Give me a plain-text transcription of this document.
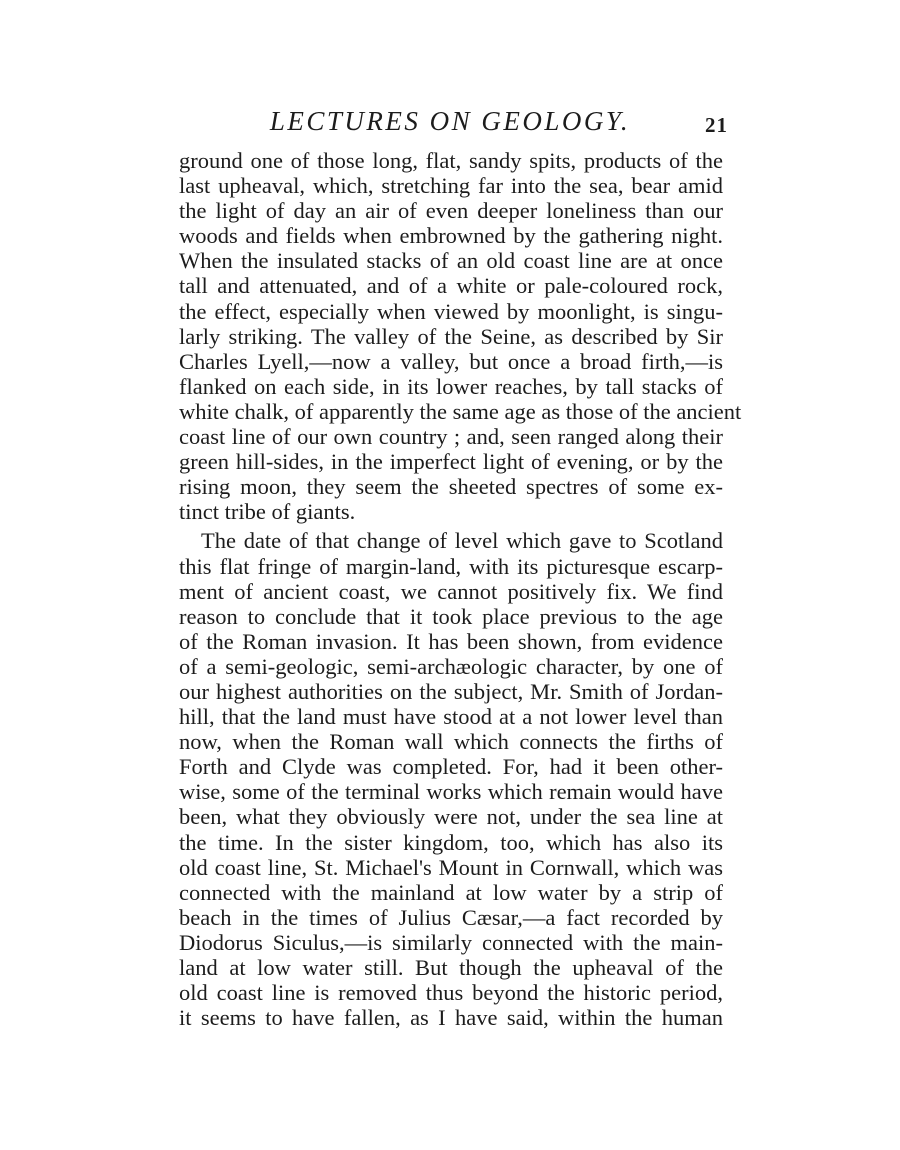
LECTURES ON GEOLOGY.	21
ground one of those long, flat, sandy spits, products of the
last upheaval, which, stretching far into the sea, bear amid
the light of day an air of even deeper loneliness than our
woods and fields when embrowned by the gathering night.
When the insulated stacks of an old coast line are at once
tall and attenuated, and of a white or pale-coloured rock,
the effect, especially when viewed by moonlight, is singu-
larly striking. The valley of the Seine, as described by Sir
Charles Lyell,—now a valley, but once a broad firth,—is
flanked on each side, in its lower reaches, by tall stacks of
white chalk, of apparently the same age as those of the ancient
coast line of our own country ; and, seen ranged along their
green hill-sides, in the imperfect light of evening, or by the
rising moon, they seem the sheeted spectres of some ex-
tinct tribe of giants.
The date of that change of level which gave to Scotland
this flat fringe of margin-land, with its picturesque escarp-
ment of ancient coast, we cannot positively fix. We find
reason to conclude that it took place previous to the age
of the Roman invasion. It has been shown, from evidence
of a semi-geologic, semi-archæologic character, by one of
our highest authorities on the subject, Mr. Smith of Jordan-
hill, that the land must have stood at a not lower level than
now, when the Roman wall which connects the firths of
Forth and Clyde was completed. For, had it been other-
wise, some of the terminal works which remain would have
been, what they obviously were not, under the sea line at
the time. In the sister kingdom, too, which has also its
old coast line, St. Michael's Mount in Cornwall, which was
connected with the mainland at low water by a strip of
beach in the times of Julius Cæsar,—a fact recorded by
Diodorus Siculus,—is similarly connected with the main-
land at low water still. But though the upheaval of the
old coast line is removed thus beyond the historic period,
it seems to have fallen, as I have said, within the human
